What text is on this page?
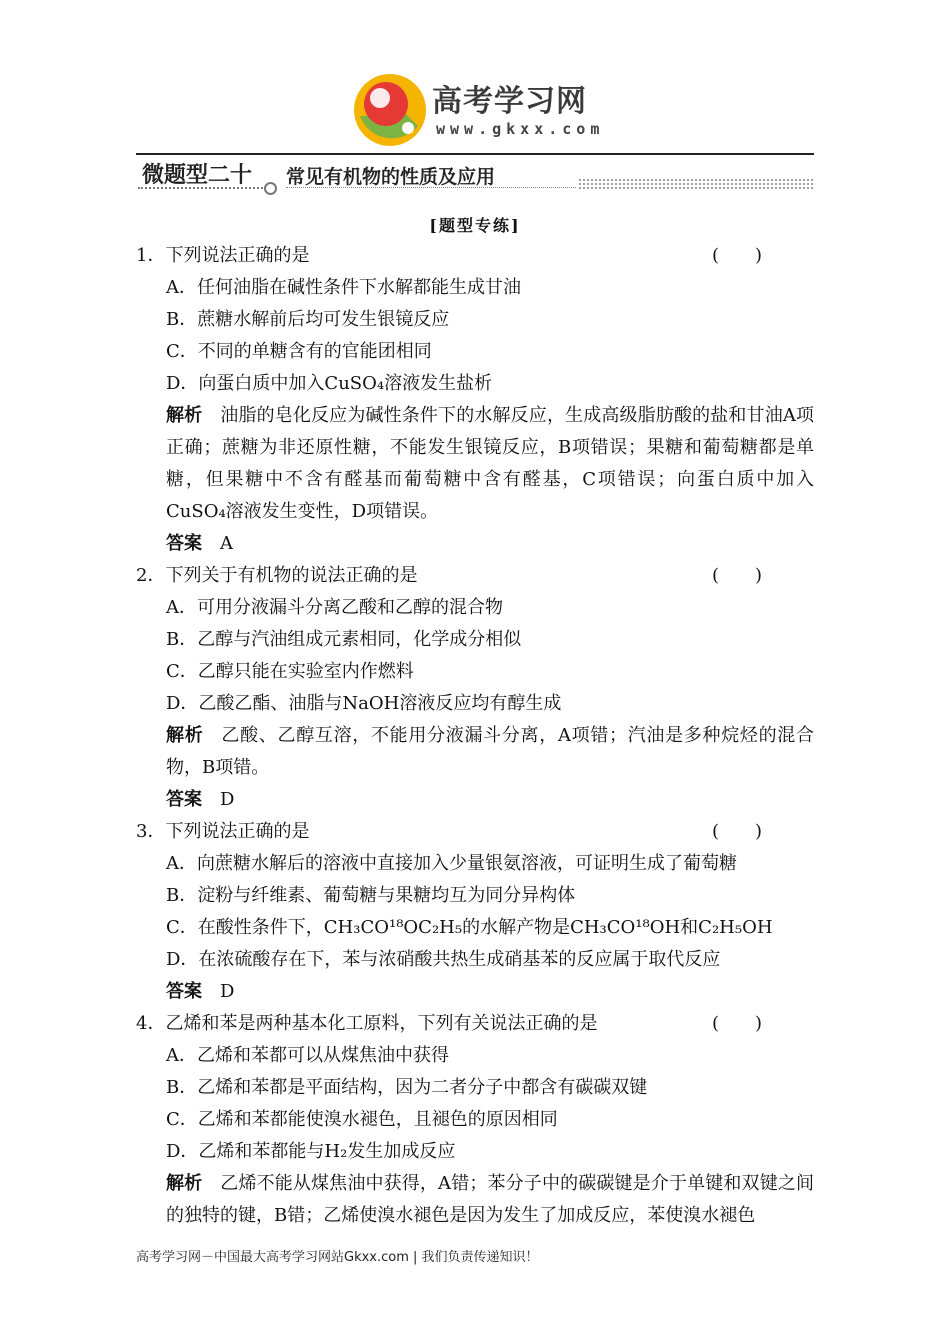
高考学习网
www.gkxx.com
微题型二十 常见有机物的性质及应用
[题型专练]
1．下列说法正确的是	(　　)
A．任何油脂在碱性条件下水解都能生成甘油
B．蔗糖水解前后均可发生银镜反应
C．不同的单糖含有的官能团相同
D．向蛋白质中加入CuSO₄溶液发生盐析
解析 油脂的皂化反应为碱性条件下的水解反应，生成高级脂肪酸的盐和甘油A项正确；蔗糖为非还原性糖，不能发生银镜反应，B项错误；果糖和葡萄糖都是单糖，但果糖中不含有醛基而葡萄糖中含有醛基，C项错误；向蛋白质中加入CuSO₄溶液发生变性，D项错误。
答案 A
2．下列关于有机物的说法正确的是	(　　)
A．可用分液漏斗分离乙酸和乙醇的混合物
B．乙醇与汽油组成元素相同，化学成分相似
C．乙醇只能在实验室内作燃料
D．乙酸乙酯、油脂与NaOH溶液反应均有醇生成
解析 乙酸、乙醇互溶，不能用分液漏斗分离，A项错；汽油是多种烷烃的混合物，B项错。
答案 D
3．下列说法正确的是	(　　)
A．向蔗糖水解后的溶液中直接加入少量银氨溶液，可证明生成了葡萄糖
B．淀粉与纤维素、葡萄糖与果糖均互为同分异构体
C．在酸性条件下，CH₃CO¹⁸OC₂H₅的水解产物是CH₃CO¹⁸OH和C₂H₅OH
D．在浓硫酸存在下，苯与浓硝酸共热生成硝基苯的反应属于取代反应
答案 D
4．乙烯和苯是两种基本化工原料，下列有关说法正确的是	(　　)
A．乙烯和苯都可以从煤焦油中获得
B．乙烯和苯都是平面结构，因为二者分子中都含有碳碳双键
C．乙烯和苯都能使溴水褪色，且褪色的原因相同
D．乙烯和苯都能与H₂发生加成反应
解析 乙烯不能从煤焦油中获得，A错；苯分子中的碳碳键是介于单键和双键之间的独特的键，B错；乙烯使溴水褪色是因为发生了加成反应，苯使溴水褪色
高考学习网－中国最大高考学习网站Gkxx.com | 我们负责传递知识！
